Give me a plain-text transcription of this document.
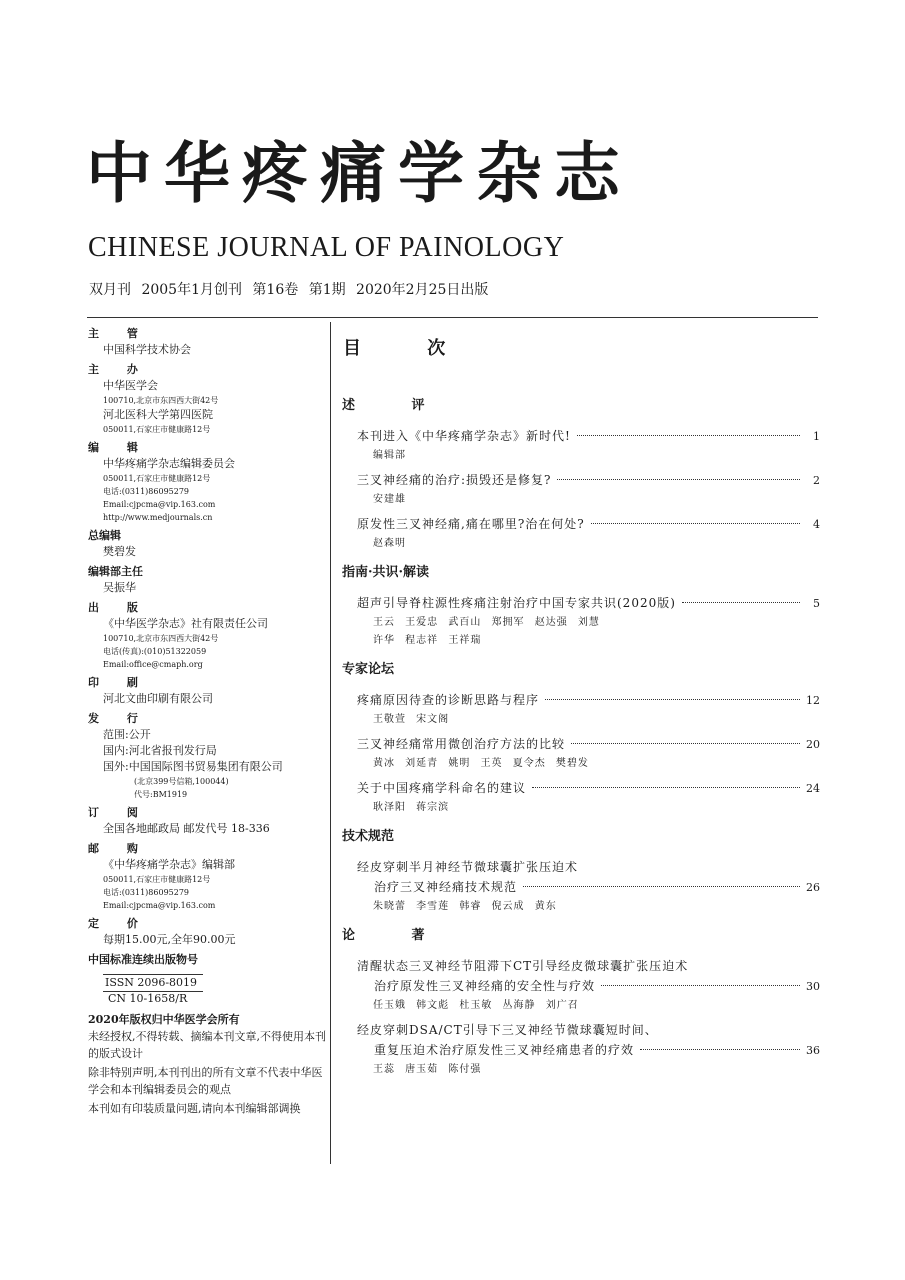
中华疼痛学杂志
CHINESE JOURNAL OF PAINOLOGY
双月刊 2005年1月创刊 第16卷 第1期 2020年2月25日出版
主 管
中国科学技术协会
主 办
中华医学会
100710,北京市东四西大街42号
河北医科大学第四医院
050011,石家庄市健康路12号
编 辑
中华疼痛学杂志编辑委员会
050011,石家庄市健康路12号
电话:(0311)86095279
Email:cjpcma@vip.163.com
http://www.medjournals.cn
总编辑
樊碧发
编辑部主任
吴振华
出 版
《中华医学杂志》社有限责任公司
100710,北京市东四西大街42号
电话(传真):(010)51322059
Email:office@cmaph.org
印 刷
河北文曲印刷有限公司
发 行
范围:公开
国内:河北省报刊发行局
国外:中国国际图书贸易集团有限公司
(北京399号信箱,100044)
代号:BM1919
订 阅
全国各地邮政局 邮发代号 18-336
邮 购
《中华疼痛学杂志》编辑部
050011,石家庄市健康路12号
电话:(0311)86095279
Email:cjpcma@vip.163.com
定 价
每期15.00元,全年90.00元
中国标准连续出版物号
ISSN 2096-8019
CN 10-1658/R
2020年版权归中华医学会所有
未经授权,不得转载、摘编本刊文章,不得使用本刊的版式设计
除非特别声明,本刊刊出的所有文章不代表中华医学会和本刊编辑委员会的观点
本刊如有印装质量问题,请向本刊编辑部调换
目 次
述 评
本刊进入《中华疼痛学杂志》新时代!	1
编辑部
三叉神经痛的治疗:损毁还是修复?	2
安建雄
原发性三叉神经痛,痛在哪里?治在何处?	4
赵森明
指南·共识·解读
超声引导脊柱源性疼痛注射治疗中国专家共识(2020版)	5
王云 王爱忠 武百山 郑拥军 赵达强 刘慧
许华 程志祥 王祥瑞
专家论坛
疼痛原因待查的诊断思路与程序	12
王敬萱 宋文阁
三叉神经痛常用微创治疗方法的比较	20
黄冰 刘延青 姚明 王英 夏令杰 樊碧发
关于中国疼痛学科命名的建议	24
耿泽阳 蒋宗滨
技术规范
经皮穿刺半月神经节微球囊扩张压迫术
治疗三叉神经痛技术规范	26
朱晓蕾 李雪莲 韩睿 倪云成 黄东
论 著
清醒状态三叉神经节阻滞下CT引导经皮微球囊扩张压迫术
治疗原发性三叉神经痛的安全性与疗效	30
任玉娥 韩文彪 杜玉敏 丛海静 刘广召
经皮穿刺DSA/CT引导下三叉神经节微球囊短时间、
重复压迫术治疗原发性三叉神经痛患者的疗效	36
王蕊 唐玉茹 陈付强
